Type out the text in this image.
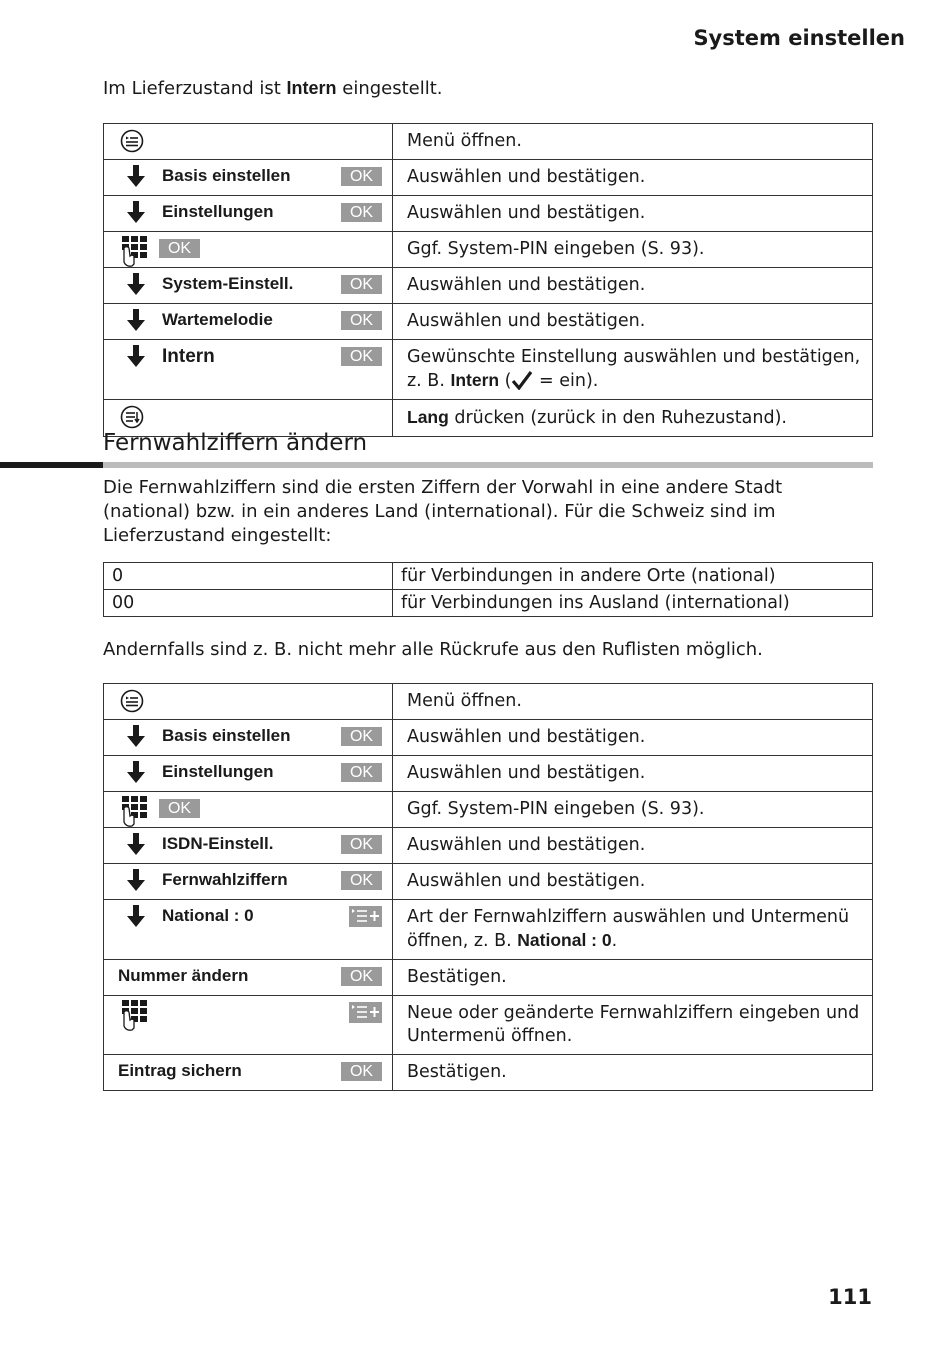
System einstellen
Im Lieferzustand ist Intern eingestellt.
	Menü öffnen.

Basis einstellen OK	Auswählen und bestätigen.

Einstellungen OK	Auswählen und bestätigen.

OK	Ggf. System-PIN eingeben (S. 93).

System-Einstell. OK	Auswählen und bestätigen.

Wartemelodie OK	Auswählen und bestätigen.

Intern OK	Gewünschte Einstellung auswählen und bestätigen, z. B. Intern ( = ein).

	Lang drücken (zurück in den Ruhezustand).
Fernwahlziffern ändern
Die Fernwahlziffern sind die ersten Ziffern der Vorwahl in eine andere Stadt (national) bzw. in ein anderes Land (international). Für die Schweiz sind im Lieferzustand eingestellt:
0	für Verbindungen in andere Orte (national)
00	für Verbindungen ins Ausland (international)
Andernfalls sind z. B. nicht mehr alle Rückrufe aus den Ruflisten möglich.
	Menü öffnen.

Basis einstellen OK	Auswählen und bestätigen.

Einstellungen OK	Auswählen und bestätigen.

OK	Ggf. System-PIN eingeben (S. 93).

ISDN-Einstell. OK	Auswählen und bestätigen.

Fernwahlziffern OK	Auswählen und bestätigen.

National : 0	Art der Fernwahlziffern auswählen und Untermenü öffnen, z. B. National : 0.

Nummer ändern OK	Bestätigen.

	Neue oder geänderte Fernwahlziffern eingeben und Untermenü öffnen.

Eintrag sichern OK	Bestätigen.
111
